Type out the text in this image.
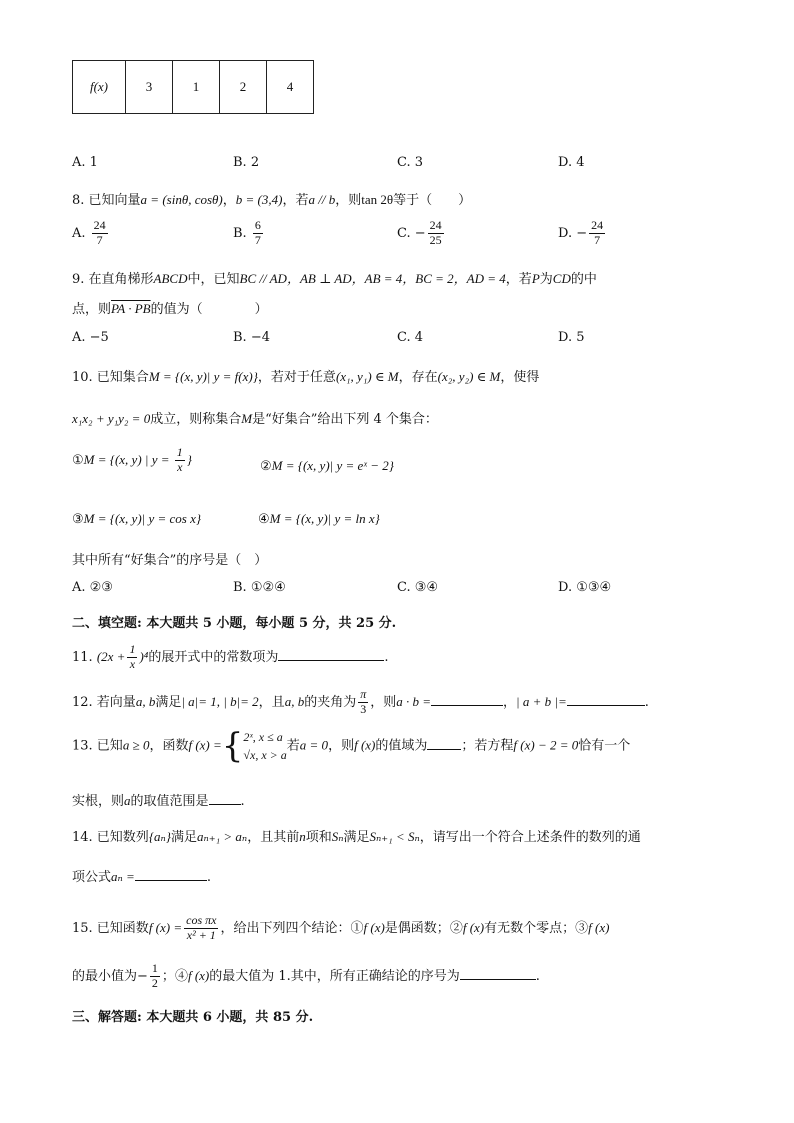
f(x)	3	1	2	4
A. 1	B. 2	C. 3	D. 4
8. 已知向量a = (sinθ, cosθ)，b = (3,4)，若a // b，则tan 2θ等于（　　）
A. $\frac{24}{7}$	B. $\frac{6}{7}$	C. − $\frac{24}{25}$	D. − $\frac{24}{7}$
9. 在直角梯形ABCD中，已知BC // AD，AB ⊥ AD，AB = 4，BC = 2，AD = 4，若P为CD的中
点，则PA · PB的值为（　　　　）
A. −5	B. −4	C. 4	D. 5
10. 已知集合M = {(x, y)| y = f(x)}，若对于任意(x₁, y₁) ∈ M，存在(x₂, y₂) ∈ M，使得
x₁x₂ + y₁y₂ = 0成立，则称集合M是“好集合”给出下列 4 个集合：
①M = {(x, y) | $y = \frac{1}{x}$ }	②M = {(x, y)| y = eˣ − 2}
③M = {(x, y)| y = cos x}	④M = {(x, y)| y = ln x}
其中所有“好集合”的序号是（　）
A. ②③	B. ①②④	C. ③④	D. ①③④
二、填空题: 本大题共 5 小题，每小题 5 分，共 25 分.
11. $(2x + \frac{1}{x} )^4$的展开式中的常数项为	.
12. 若向量a, b满足| a|= 1, | b|= 2，且a, b的夹角为 $\frac{\pi}{3}$ ，则a · b =	，| a + b |=	.
13. 已知a ≥ 0，函数f (x) ={ 2ˣ, x ≤ a
√x, x > a
若a = 0，则f (x)的值域为	；若方程f (x) − 2 = 0恰有一个
实根，则a的取值范围是 .
14. 已知数列{aₙ}满足aₙ₊₁ > aₙ，且其前n项和Sₙ满足Sₙ₊₁ < Sₙ，请写出一个符合上述条件的数列的通
项公式aₙ =	.
15. 已知函数f $(x) = \frac{\text{cos πx}}{\text{x² + 1}}$ ，给出下列四个结论：①f (x)是偶函数；②f (x)有无数个零点；③f (x)
的最小值为− $\frac{1}{2}$ ；④f (x)的最大值为 1.其中，所有正确结论的序号为	.
三、解答题: 本大题共 6 小题，共 85 分.
